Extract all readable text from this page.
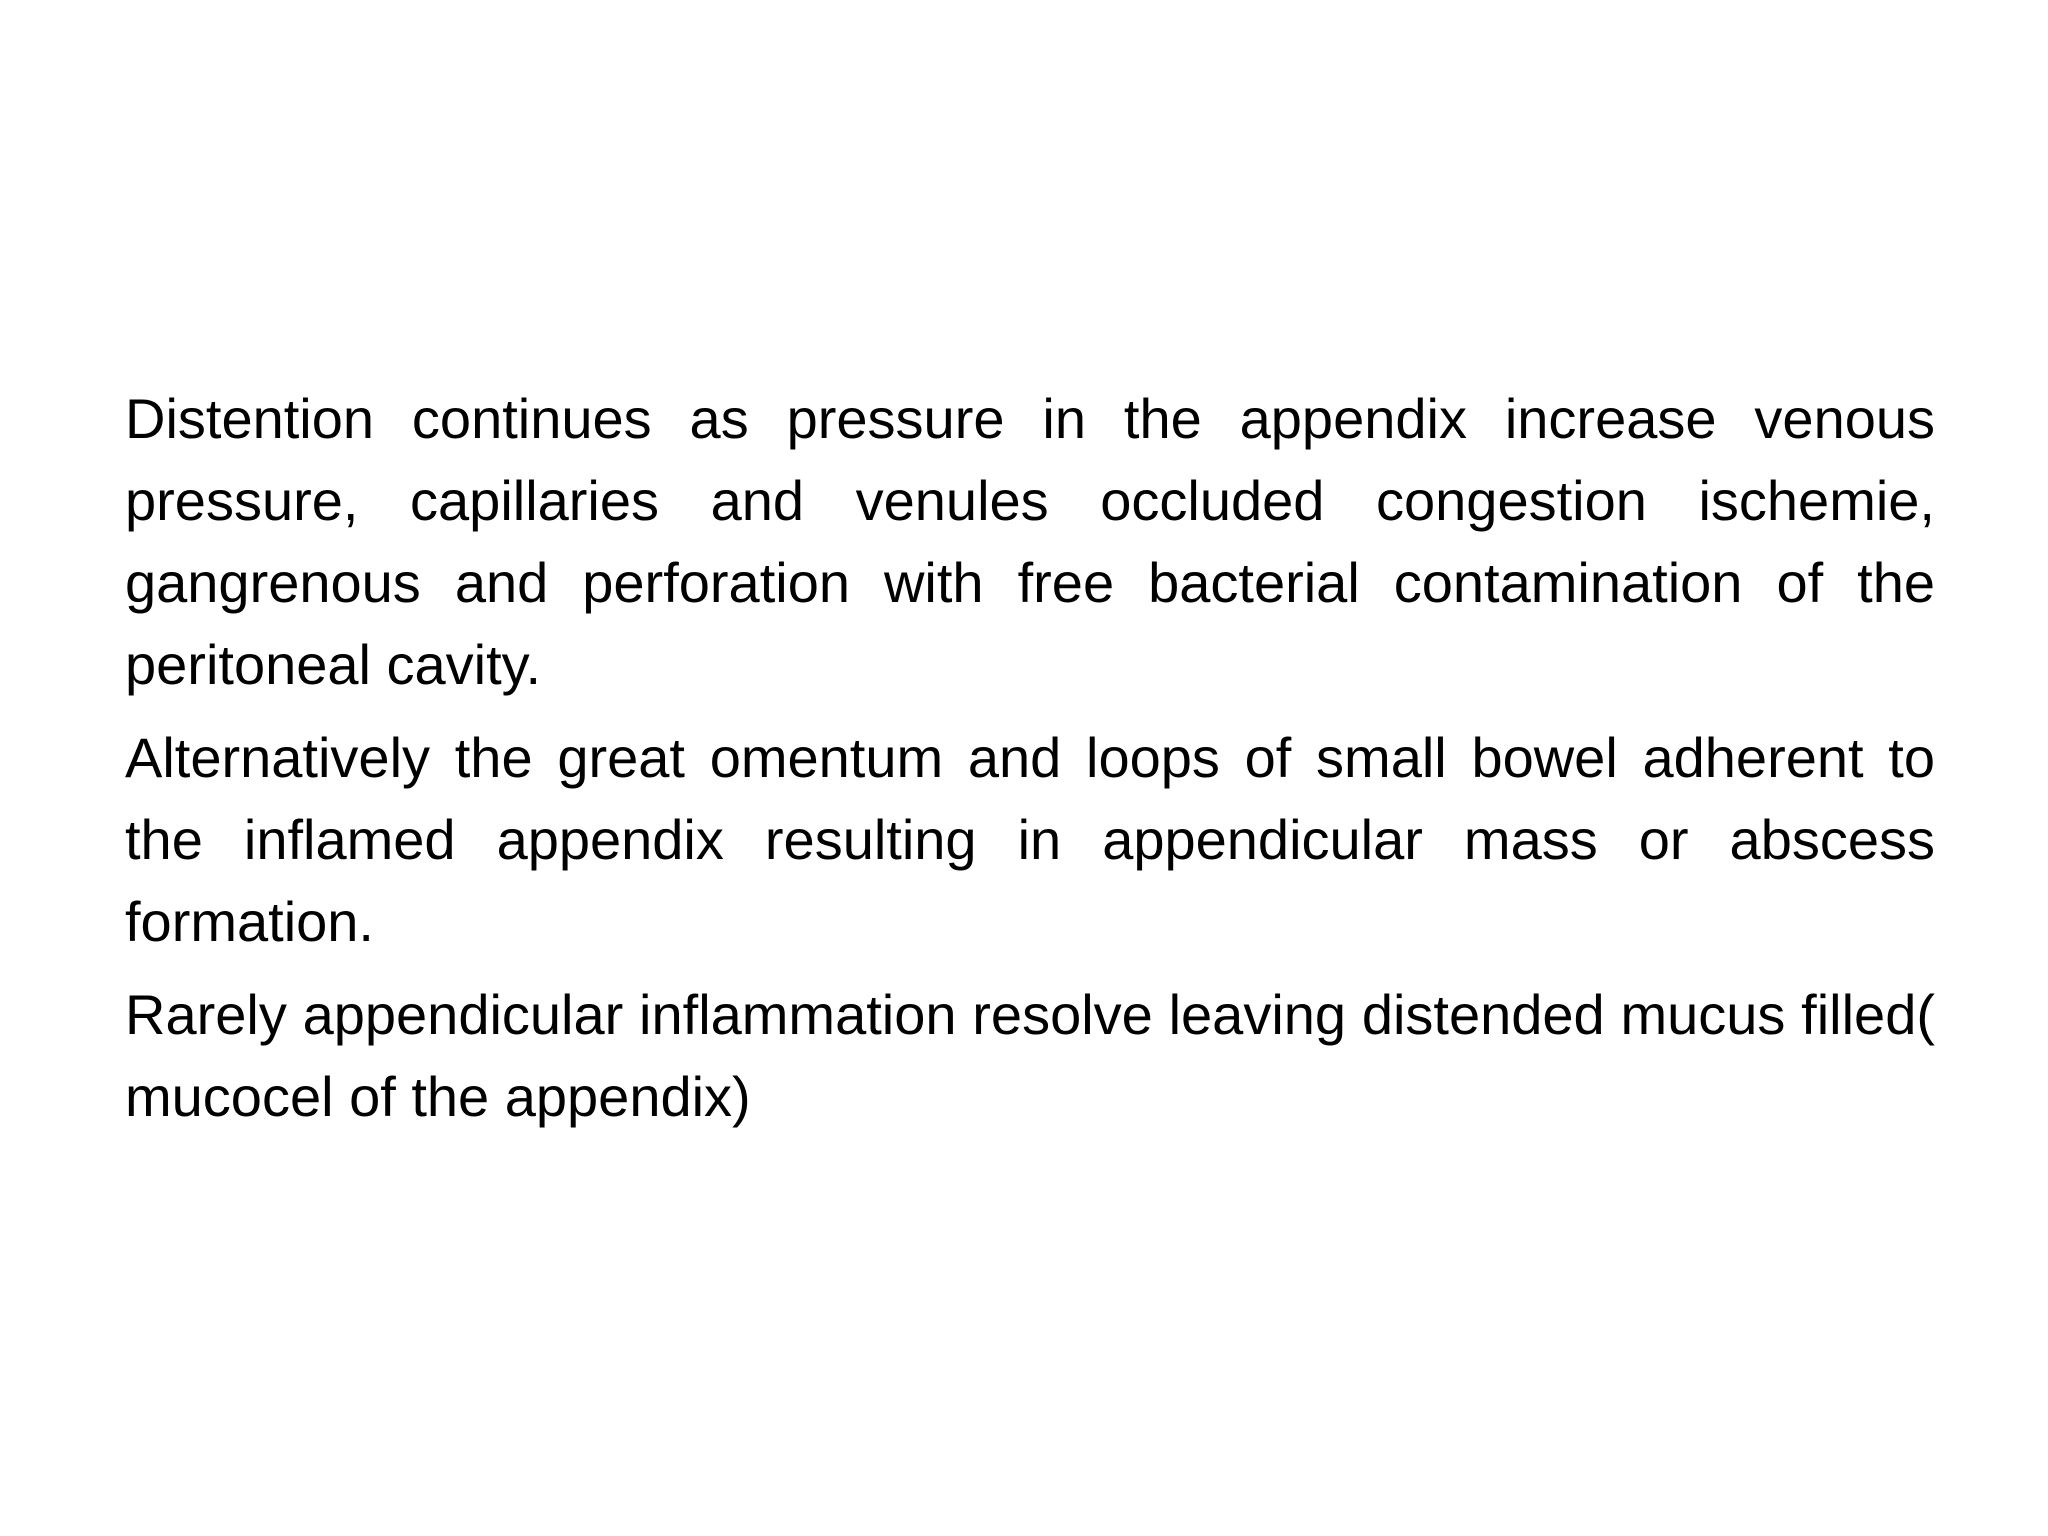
Distention continues as pressure in the appendix increase venous pressure, capillaries and venules occluded congestion ischemie,  gangrenous and perforation with free bacterial contamination of the peritoneal cavity.

Alternatively the great omentum and loops of small bowel adherent to the inflamed appendix resulting in appendicular mass or abscess formation.

Rarely appendicular inflammation resolve leaving distended mucus filled( mucocel of the appendix)
